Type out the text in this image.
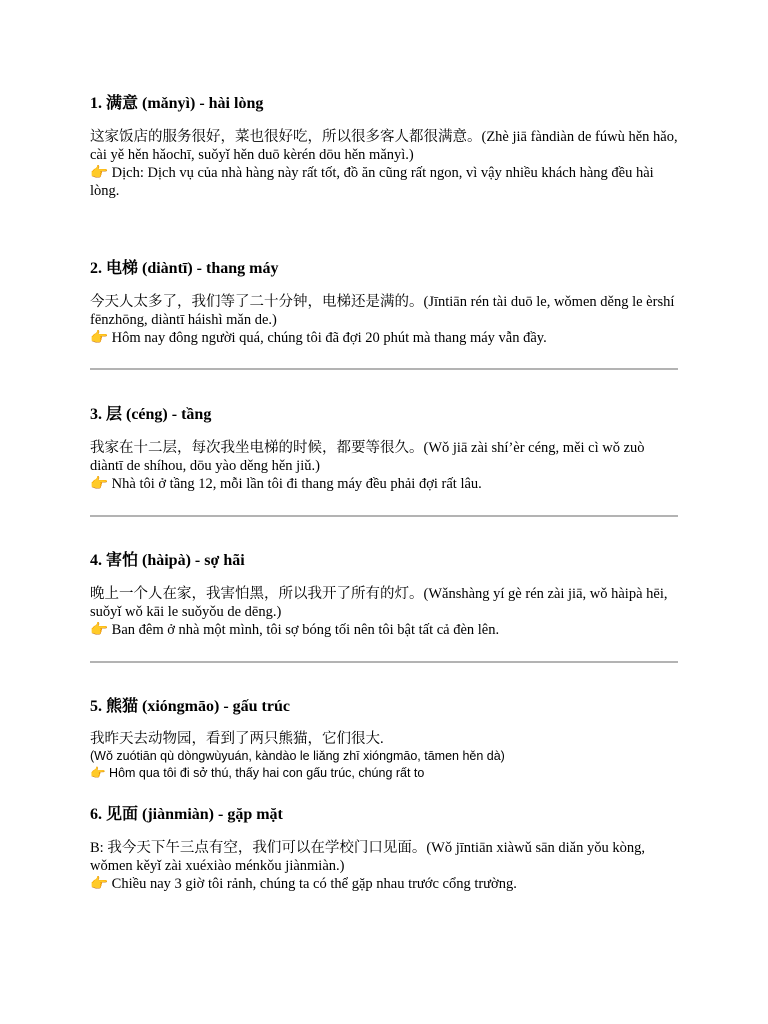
1. 满意 (mǎnyì) - hài lòng

这家饭店的服务很好，菜也很好吃，所以很多客人都很满意。(Zhè jiā fàndiàn de fúwù hěn hǎo, cài yě hěn hǎochī, suǒyǐ hěn duō kèrén dōu hěn mǎnyì.)

👉 Dịch: Dịch vụ của nhà hàng này rất tốt, đồ ăn cũng rất ngon, vì vậy nhiều khách hàng đều hài lòng.

2. 电梯 (diàntī) - thang máy

今天人太多了，我们等了二十分钟，电梯还是满的。(Jīntiān rén tài duō le, wǒmen děng le èrshí fēnzhōng, diàntī háishì mǎn de.)

👉 Hôm nay đông người quá, chúng tôi đã đợi 20 phút mà thang máy vẫn đầy.

3. 层 (céng) - tầng

我家在十二层，每次我坐电梯的时候，都要等很久。(Wǒ jiā zài shí’èr céng, měi cì wǒ zuò diàntī de shíhou, dōu yào děng hěn jiǔ.)

👉 Nhà tôi ở tầng 12, mỗi lần tôi đi thang máy đều phải đợi rất lâu.

4. 害怕 (hàipà) - sợ hãi

晚上一个人在家，我害怕黑，所以我开了所有的灯。(Wǎnshàng yí gè rén zài jiā, wǒ hàipà hēi, suǒyǐ wǒ kāi le suǒyǒu de dēng.)

👉 Ban đêm ở nhà một mình, tôi sợ bóng tối nên tôi bật tất cả đèn lên.

5. 熊猫 (xióngmāo) - gấu trúc

我昨天去动物园，看到了两只熊猫，它们很大.

(Wǒ zuótiān qù dòngwùyuán, kàndào le liǎng zhī xióngmāo, tāmen hěn dà)

👉 Hôm qua tôi đi sở thú, thấy hai con gấu trúc, chúng rất to

6. 见面 (jiànmiàn) - gặp mặt

B: 我今天下午三点有空，我们可以在学校门口见面。(Wǒ jīntiān xiàwǔ sān diǎn yǒu kòng, wǒmen kěyǐ zài xuéxiào ménkǒu jiànmiàn.)

👉 Chiều nay 3 giờ tôi rảnh, chúng ta có thể gặp nhau trước cổng trường.
